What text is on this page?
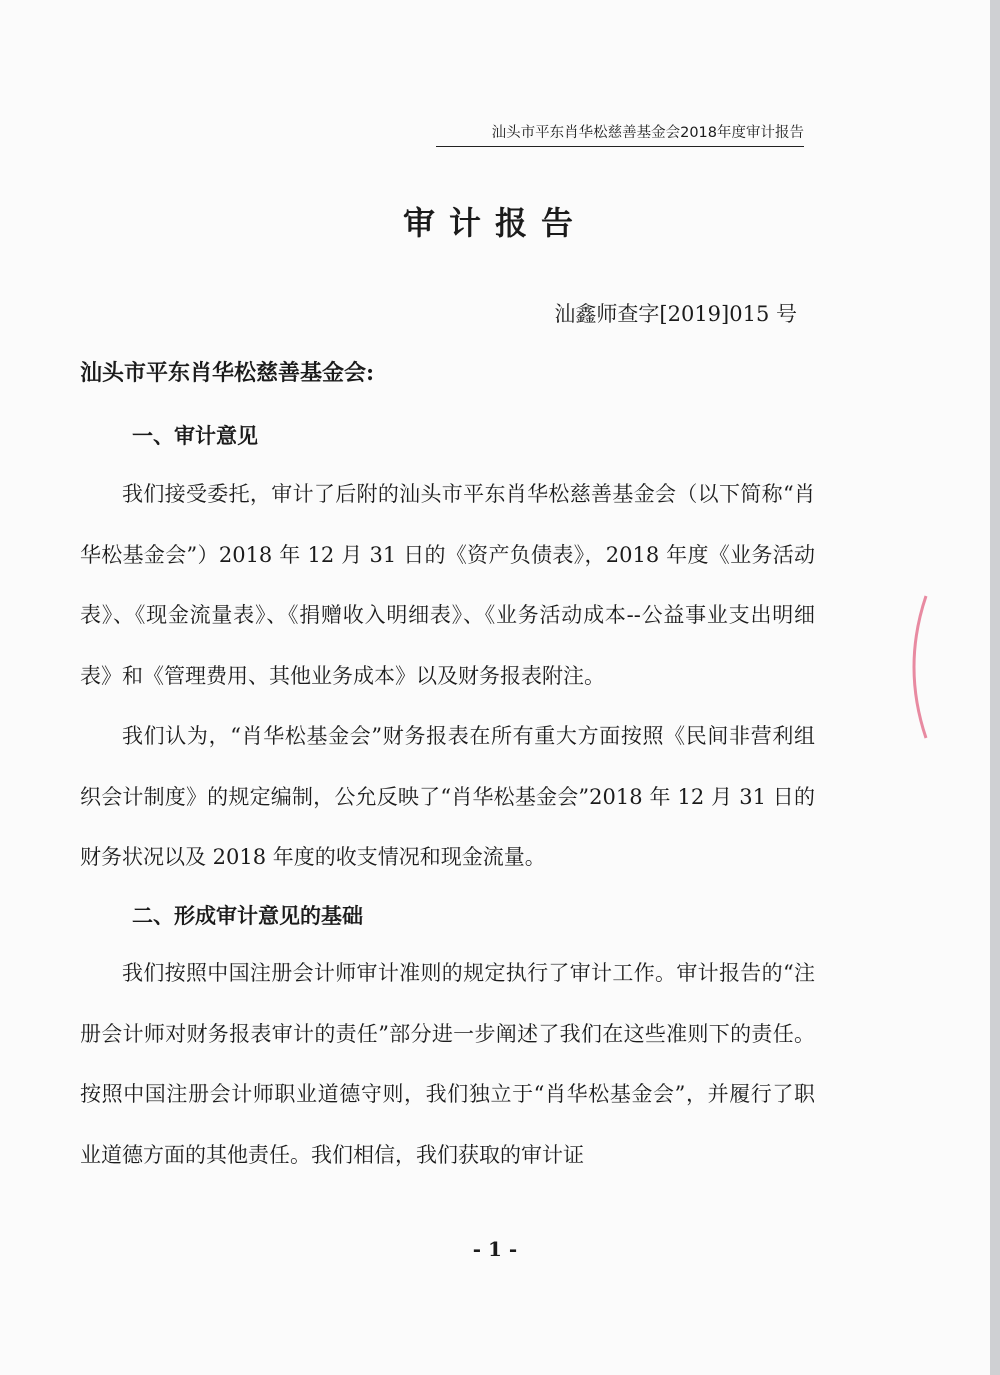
汕头市平东肖华松慈善基金会2018年度审计报告
审计报告
汕鑫师查字[2019]015 号
汕头市平东肖华松慈善基金会:
一、审计意见
我们接受委托，审计了后附的汕头市平东肖华松慈善基金会（以下简称“肖华松基金会”）2018 年 12 月 31 日的《资产负债表》，2018 年度《业务活动表》、《现金流量表》、《捐赠收入明细表》、《业务活动成本--公益事业支出明细表》和《管理费用、其他业务成本》以及财务报表附注。
我们认为，“肖华松基金会”财务报表在所有重大方面按照《民间非营利组织会计制度》的规定编制，公允反映了“肖华松基金会”2018 年 12 月 31 日的财务状况以及 2018 年度的收支情况和现金流量。
二、形成审计意见的基础
我们按照中国注册会计师审计准则的规定执行了审计工作。审计报告的“注册会计师对财务报表审计的责任”部分进一步阐述了我们在这些准则下的责任。按照中国注册会计师职业道德守则，我们独立于“肖华松基金会”，并履行了职业道德方面的其他责任。我们相信，我们获取的审计证
- 1 -
